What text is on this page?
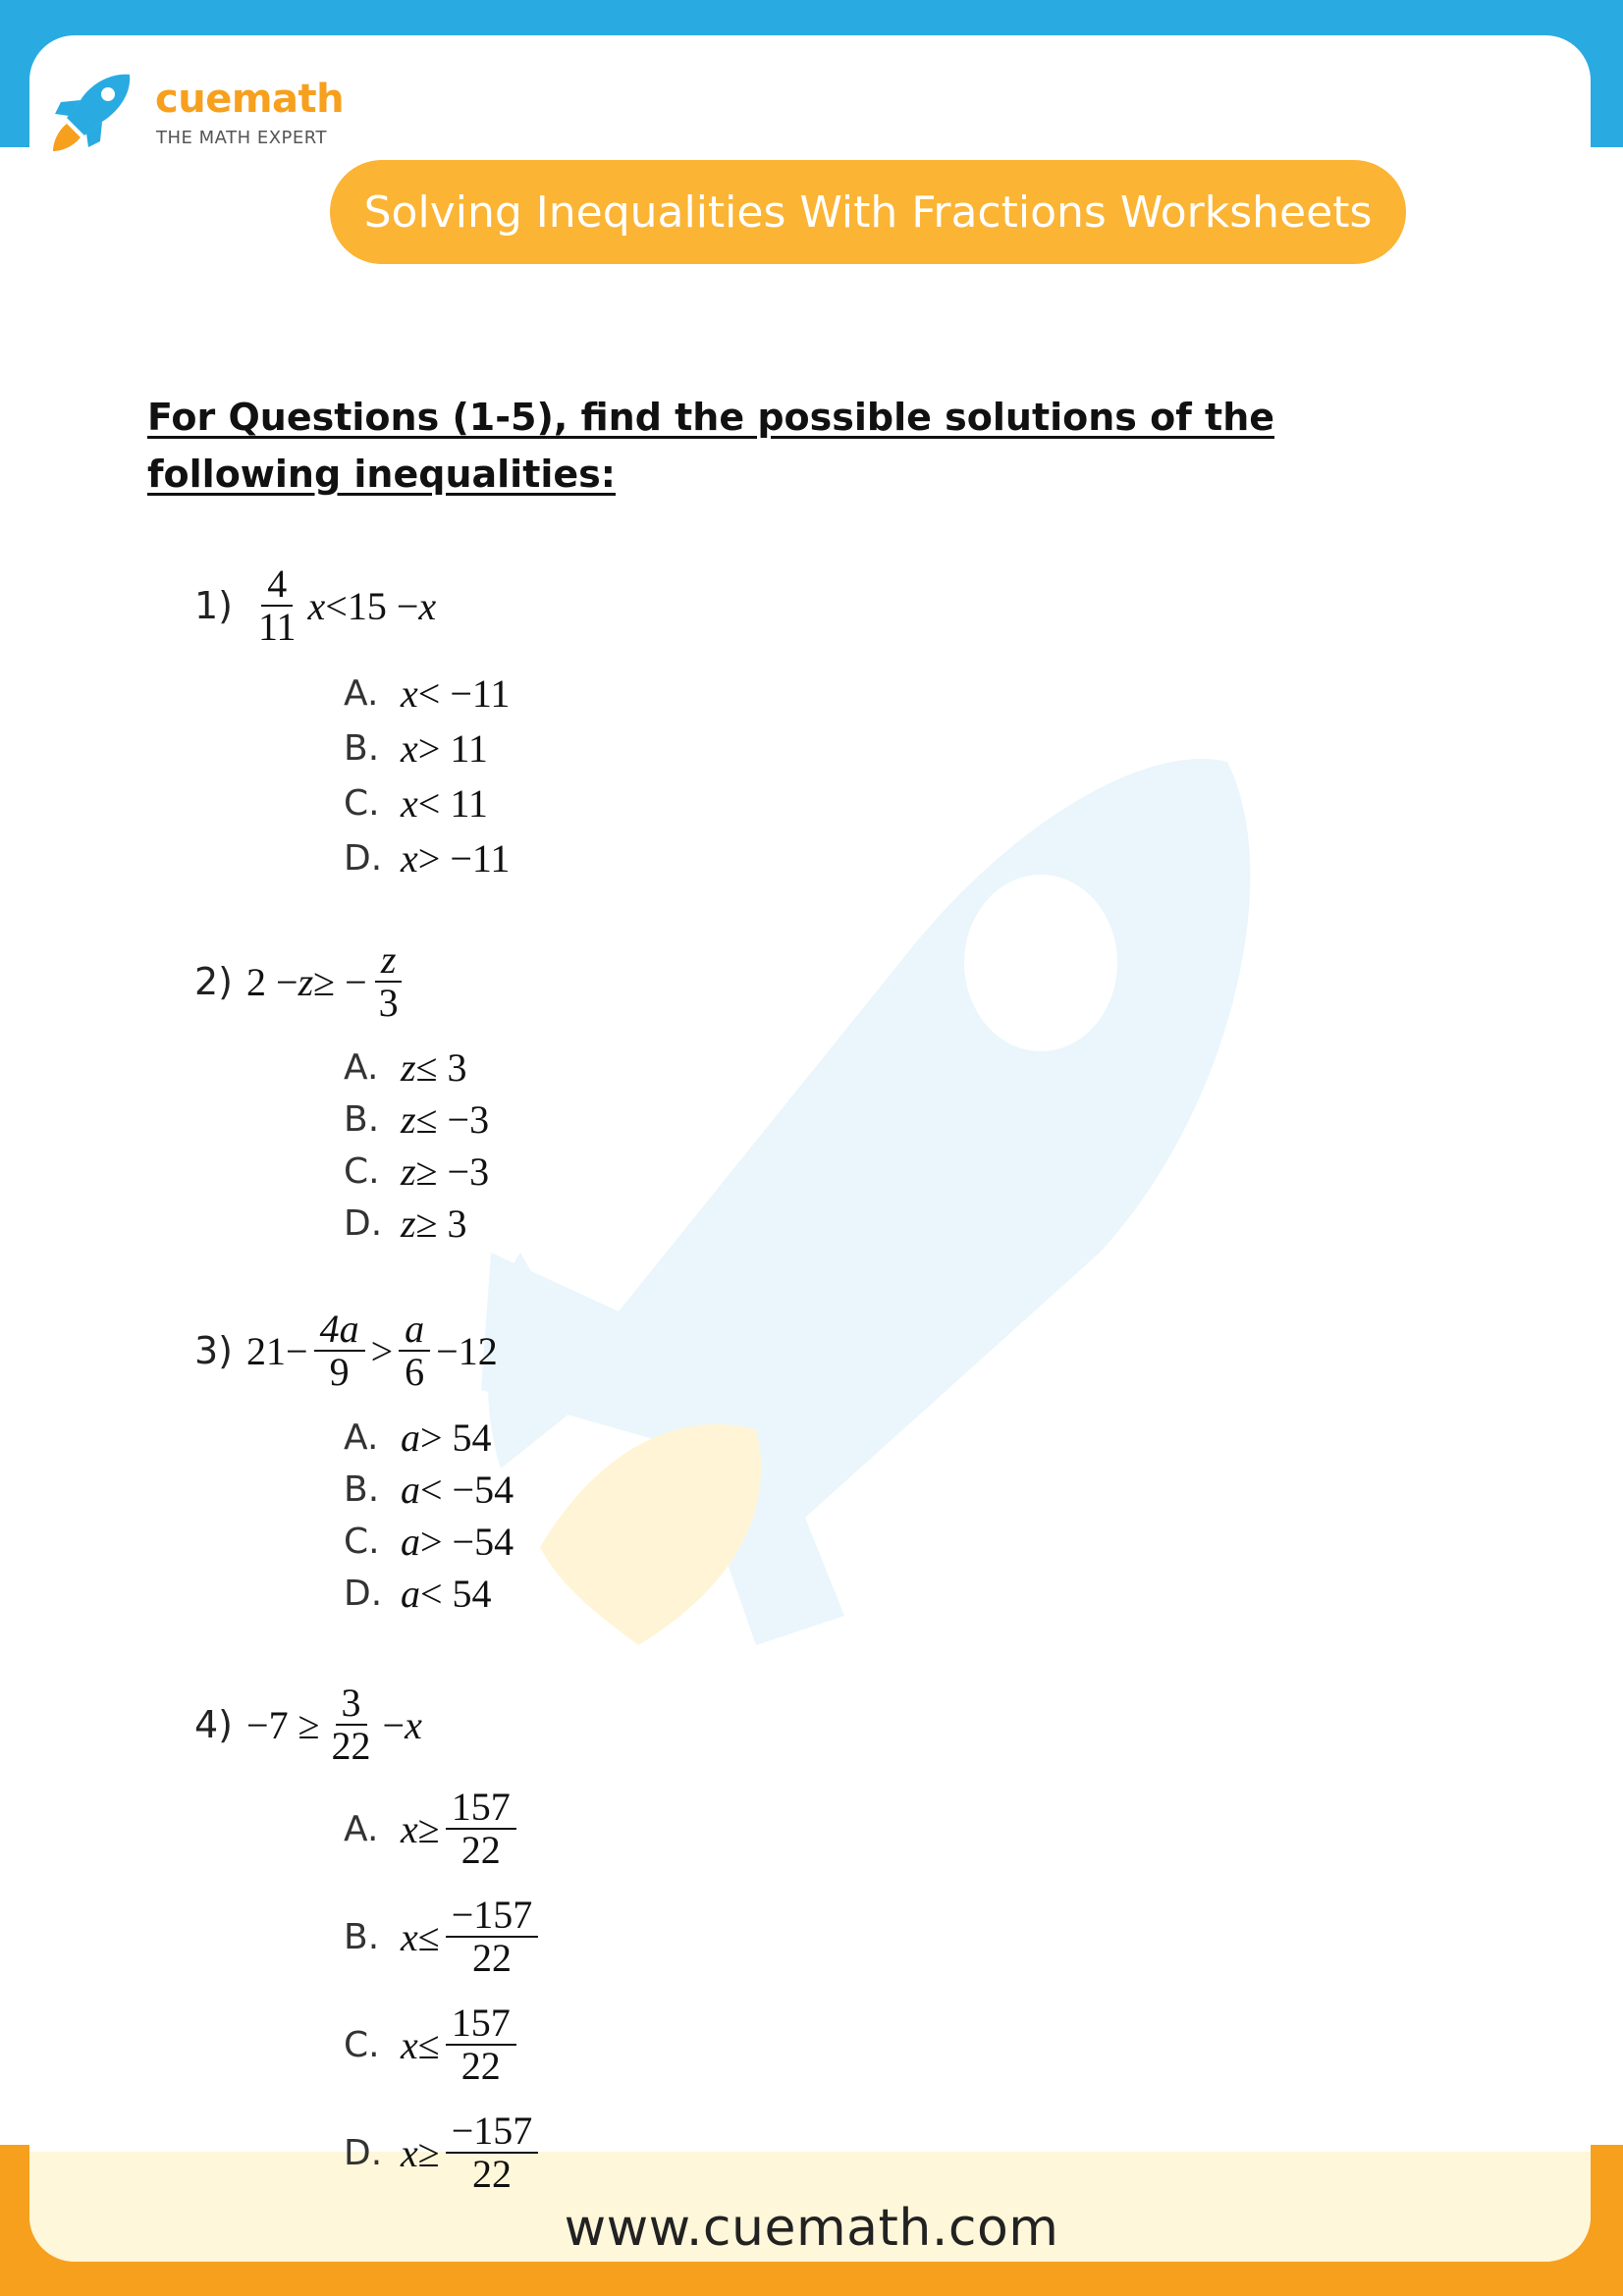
cuemath

THE MATH EXPERT

Solving Inequalities With Fractions Worksheets

For Questions (1-5), find the possible solutions of the following inequalities:

$1) \frac{4}{11}$ x <15 − x
A. x < −11
B. x > 11
C. x < 11
D. x > −11
2) 2 − z ≥ − $\frac{z}{3}$
A. z ≤ 3
B. z ≤ −3
C. z ≥ −3
D. z ≥ 3
3) $21- \frac{4a}{9} > \frac{a}{6} -12$
A. a > 54
B. a < −54
C. a > −54
D. a < 54
$4) -7 \ge \frac{3}{22} - x$
A. $x \ge \frac{157}{22}$
B. $x \le \frac{-157}{22}$
C. $x \le \frac{157}{22}$
D. $x \ge \frac{-157}{22}$

www.cuemath.com
